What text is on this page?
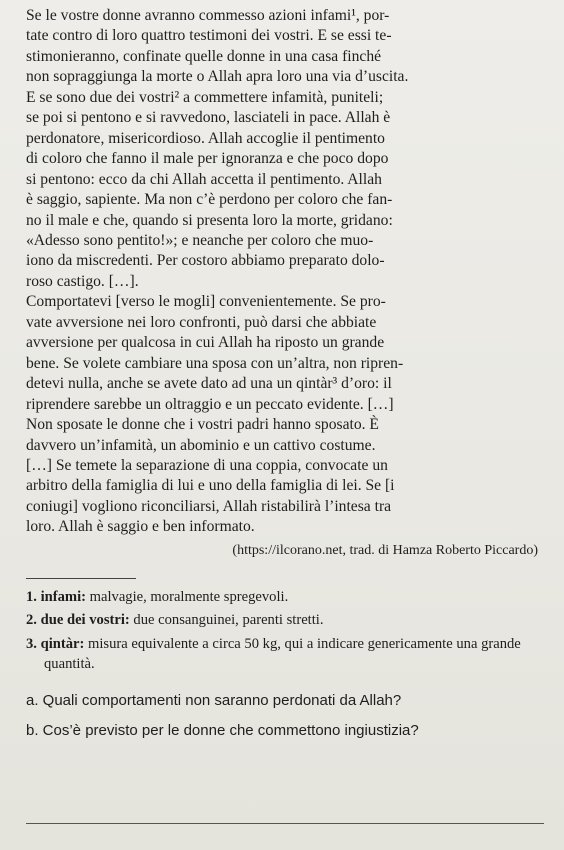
Se le vostre donne avranno commesso azioni infami¹, por-
tate contro di loro quattro testimoni dei vostri. E se essi te-
stimonieranno, confinate quelle donne in una casa finché
non sopraggiunga la morte o Allah apra loro una via d’uscita.
E se sono due dei vostri² a commettere infamità, puniteli;
se poi si pentono e si ravvedono, lasciateli in pace. Allah è
perdonatore, misericordioso. Allah accoglie il pentimento
di coloro che fanno il male per ignoranza e che poco dopo
si pentono: ecco da chi Allah accetta il pentimento. Allah
è saggio, sapiente. Ma non c’è perdono per coloro che fan-
no il male e che, quando si presenta loro la morte, gridano:
«Adesso sono pentito!»; e neanche per coloro che muo-
iono da miscredenti. Per costoro abbiamo preparato dolo-
roso castigo. […].
Comportatevi [verso le mogli] convenientemente. Se pro-
vate avversione nei loro confronti, può darsi che abbiate
avversione per qualcosa in cui Allah ha riposto un grande
bene. Se volete cambiare una sposa con un’altra, non ripren-
detevi nulla, anche se avete dato ad una un qintàr³ d’oro: il
riprendere sarebbe un oltraggio e un peccato evidente. […]
Non sposate le donne che i vostri padri hanno sposato. È
davvero un’infamità, un abominio e un cattivo costume.
[…] Se temete la separazione di una coppia, convocate un
arbitro della famiglia di lui e uno della famiglia di lei. Se [i
coniugi] vogliono riconciliarsi, Allah ristabilirà l’intesa tra
loro. Allah è saggio e ben informato.
(https://ilcorano.net, trad. di Hamza Roberto Piccardo)
1. infami: malvagie, moralmente spregevoli.
2. due dei vostri: due consanguinei, parenti stretti.
3. qintàr: misura equivalente a circa 50 kg, qui a indicare genericamente una grande quantità.
a. Quali comportamenti non saranno perdonati da Allah?
b. Cos’è previsto per le donne che commettono ingiustizia?
